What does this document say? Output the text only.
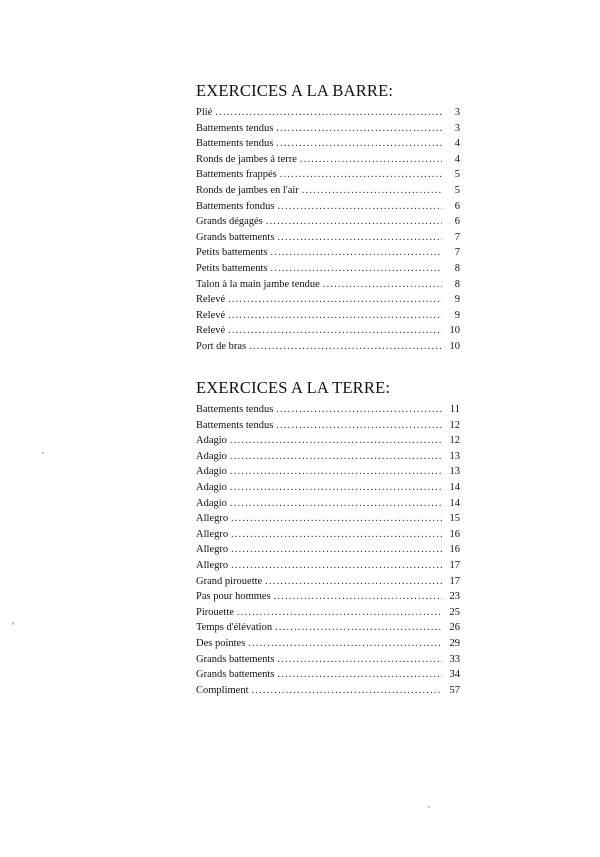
EXERCICES A LA BARRE:
Plié . . .	3
Battements tendus . . .	3
Battements tendus . . .	4
Ronds de jambes á terre . . .	4
Battements frappés . . .	5
Ronds de jambes en l'air . . .	5
Battements fondus . . .	6
Grands dégagés . . .	6
Grands battements . . .	7
Petits battements . . .	7
Petits battements . . .	8
Talon à la main jambe tendue . . .	8
Relevé . . .	9
Relevé . . .	9
Relevé . . .	10
Port de bras . . .	10
EXERCICES A LA TERRE:
Battements tendus . . .	11
Battements tendus . . .	12
Adagio . . .	12
Adagio . . .	13
Adagio . . .	13
Adagio . . .	14
Adagio . . .	14
Allegro . . .	15
Allegro . . .	16
Allegro . . .	16
Allegro . . .	17
Grand pirouette . . .	17
Pas pour hommes . . .	23
Pirouette . . .	25
Temps d'élévation . . .	26
Des pointes . . .	29
Grands battements . . .	33
Grands battements . . .	34
Compliment . . .	57
